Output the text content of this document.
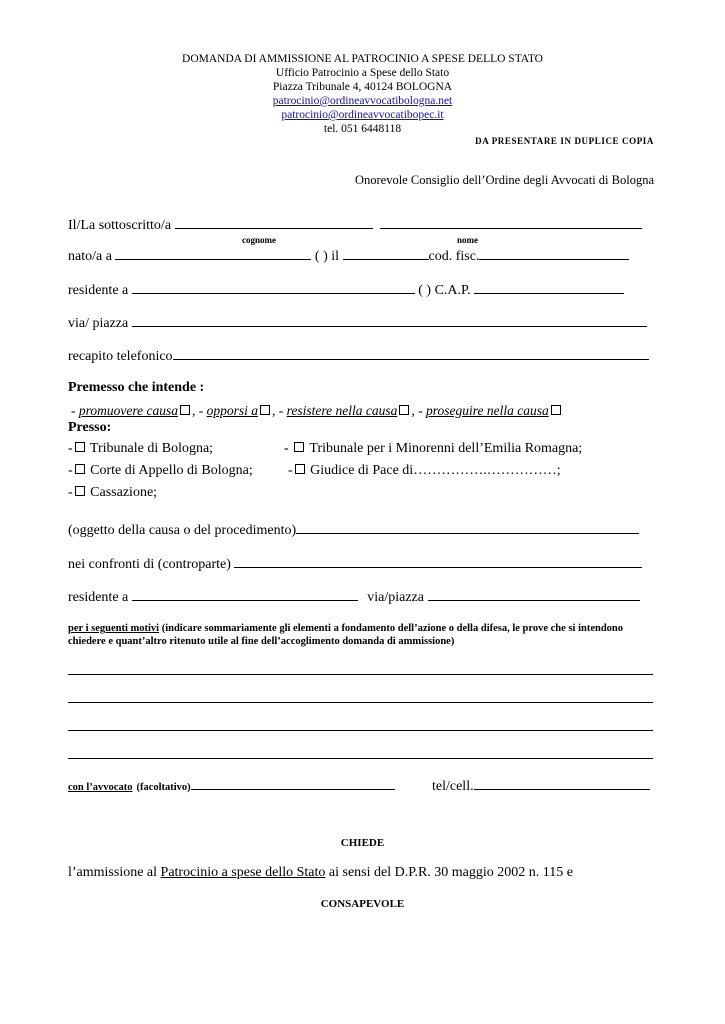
DOMANDA DI AMMISSIONE AL PATROCINIO A SPESE DELLO STATO
Ufficio Patrocinio a Spese dello Stato
Piazza Tribunale 4, 40124 BOLOGNA
patrocinio@ordineavvocatibologna.net
patrocinio@ordineavvocatibopec.it
tel. 051 6448118
DA PRESENTARE IN DUPLICE COPIA
Onorevole Consiglio dell’Ordine degli Avvocati di Bologna
Il/La sottoscritto/a
cognome	nome
nato/a a	( ) il	cod. fisc.
residente a	( ) C.A.P.
via/ piazza
recapito telefonico
Premesso che intende :
- promuovere causa , - opporsi a , - resistere nella causa , - proseguire nella causa
Presso:
- Tribunale di Bologna;	-  Tribunale per i Minorenni dell’Emilia Romagna;
- Corte di Appello di Bologna;	- Giudice di Pace di…………….……………;
- Cassazione;
(oggetto della causa o del procedimento)
nei confronti di (controparte)
residente a	via/piazza
per i seguenti motivi (indicare sommariamente gli elementi a fondamento dell’azione o della difesa, le prove che si intendono chiedere e quant’altro ritenuto utile al fine dell’accoglimento domanda di ammissione)
con l’avvocato (facoltativo)	tel/cell.
CHIEDE
l’ammissione al Patrocinio a spese dello Stato ai sensi del D.P.R. 30 maggio 2002 n. 115 e
CONSAPEVOLE
